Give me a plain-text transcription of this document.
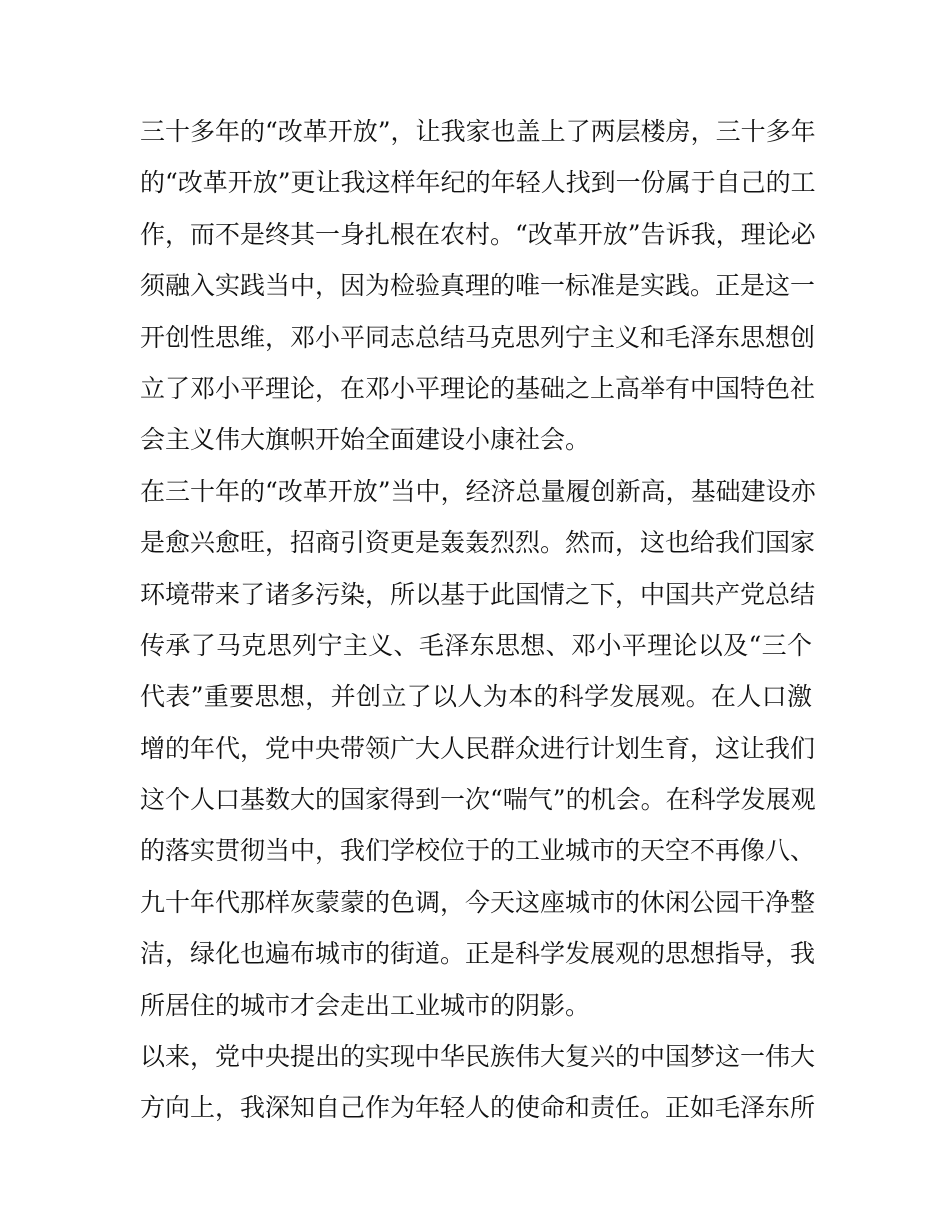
三十多年的“改革开放”，让我家也盖上了两层楼房，三十多年
的“改革开放”更让我这样年纪的年轻人找到一份属于自己的工
作，而不是终其一身扎根在农村。“改革开放”告诉我，理论必
须融入实践当中，因为检验真理的唯一标准是实践。正是这一
开创性思维，邓小平同志总结马克思列宁主义和毛泽东思想创
立了邓小平理论，在邓小平理论的基础之上高举有中国特色社
会主义伟大旗帜开始全面建设小康社会。
在三十年的“改革开放”当中，经济总量履创新高，基础建设亦
是愈兴愈旺，招商引资更是轰轰烈烈。然而，这也给我们国家
环境带来了诸多污染，所以基于此国情之下，中国共产党总结
传承了马克思列宁主义、毛泽东思想、邓小平理论以及“三个
代表”重要思想，并创立了以人为本的科学发展观。在人口激
增的年代，党中央带领广大人民群众进行计划生育，这让我们
这个人口基数大的国家得到一次“喘气”的机会。在科学发展观
的落实贯彻当中，我们学校位于的工业城市的天空不再像八、
九十年代那样灰蒙蒙的色调，今天这座城市的休闲公园干净整
洁，绿化也遍布城市的街道。正是科学发展观的思想指导，我
所居住的城市才会走出工业城市的阴影。
以来，党中央提出的实现中华民族伟大复兴的中国梦这一伟大
方向上，我深知自己作为年轻人的使命和责任。正如毛泽东所
